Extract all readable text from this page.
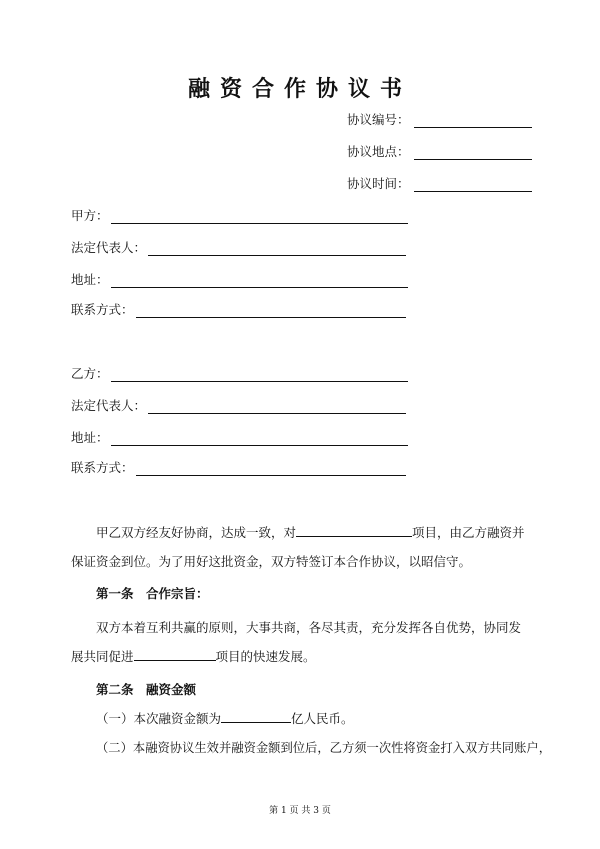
融资合作协议书
协议编号：
协议地点：
协议时间：
甲方：
法定代表人：
地址：
联系方式：
乙方：
法定代表人：
地址：
联系方式：
甲乙双方经友好协商，达成一致，对	项目，由乙方融资并保证资金到位。为了用好这批资金，双方特签订本合作协议，以昭信守。
第一条　合作宗旨：
双方本着互利共赢的原则，大事共商，各尽其责，充分发挥各自优势，协同发展共同促进	项目的快速发展。
第二条　融资金额
（一）本次融资金额为	亿人民币。
（二）本融资协议生效并融资金额到位后，乙方须一次性将资金打入双方共同账户，
第 1 页 共 3 页
